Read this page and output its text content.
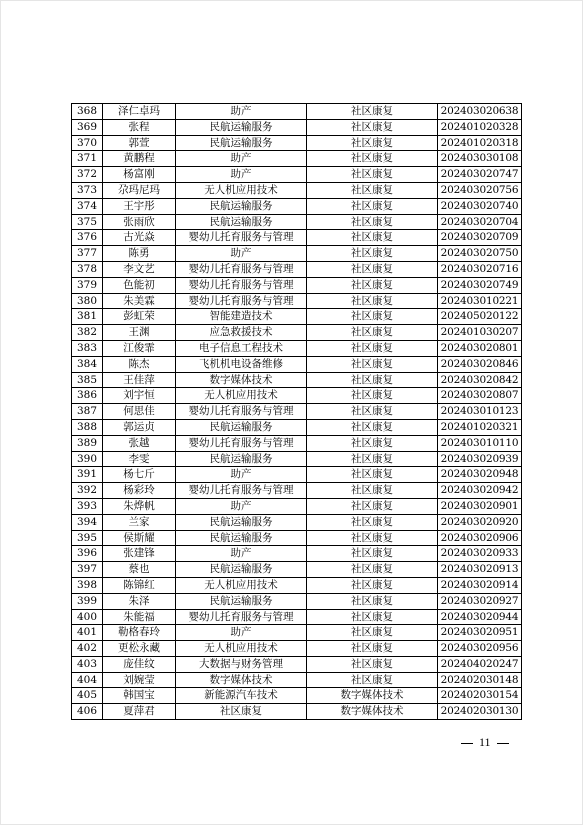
368	泽仁卓玛	助产	社区康复	202403020638
369	张程	民航运输服务	社区康复	202401020328
370	郭萱	民航运输服务	社区康复	202401020318
371	黄鹏程	助产	社区康复	202403030108
372	杨富刚	助产	社区康复	202403020747
373	尕玛尼玛	无人机应用技术	社区康复	202403020756
374	王宇彤	民航运输服务	社区康复	202403020740
375	张雨欣	民航运输服务	社区康复	202403020704
376	古光焱	婴幼儿托育服务与管理	社区康复	202403020709
377	陈勇	助产	社区康复	202403020750
378	李文艺	婴幼儿托育服务与管理	社区康复	202403020716
379	色能初	婴幼儿托育服务与管理	社区康复	202403020749
380	朱美霖	婴幼儿托育服务与管理	社区康复	202403010221
381	彭虹荣	智能建造技术	社区康复	202405020122
382	王渊	应急救援技术	社区康复	202401030207
383	江俊霏	电子信息工程技术	社区康复	202403020801
384	陈杰	飞机机电设备维修	社区康复	202403020846
385	王佳萍	数字媒体技术	社区康复	202403020842
386	刘宇恒	无人机应用技术	社区康复	202403020807
387	何思佳	婴幼儿托育服务与管理	社区康复	202403010123
388	郭运贞	民航运输服务	社区康复	202401020321
389	张越	婴幼儿托育服务与管理	社区康复	202403010110
390	李雯	民航运输服务	社区康复	202403020939
391	杨七斤	助产	社区康复	202403020948
392	杨彩玲	婴幼儿托育服务与管理	社区康复	202403020942
393	朱烨帆	助产	社区康复	202403020901
394	兰家	民航运输服务	社区康复	202403020920
395	侯斯耀	民航运输服务	社区康复	202403020906
396	张建锋	助产	社区康复	202403020933
397	蔡也	民航运输服务	社区康复	202403020913
398	陈锦红	无人机应用技术	社区康复	202403020914
399	朱泽	民航运输服务	社区康复	202403020927
400	朱能福	婴幼儿托育服务与管理	社区康复	202403020944
401	勒格春玲	助产	社区康复	202403020951
402	更松永藏	无人机应用技术	社区康复	202403020956
403	庞佳纹	大数据与财务管理	社区康复	202404020247
404	刘婉莹	数字媒体技术	社区康复	202402030148
405	韩国宝	新能源汽车技术	数字媒体技术	202402030154
406	夏萍君	社区康复	数字媒体技术	202402030130
11
